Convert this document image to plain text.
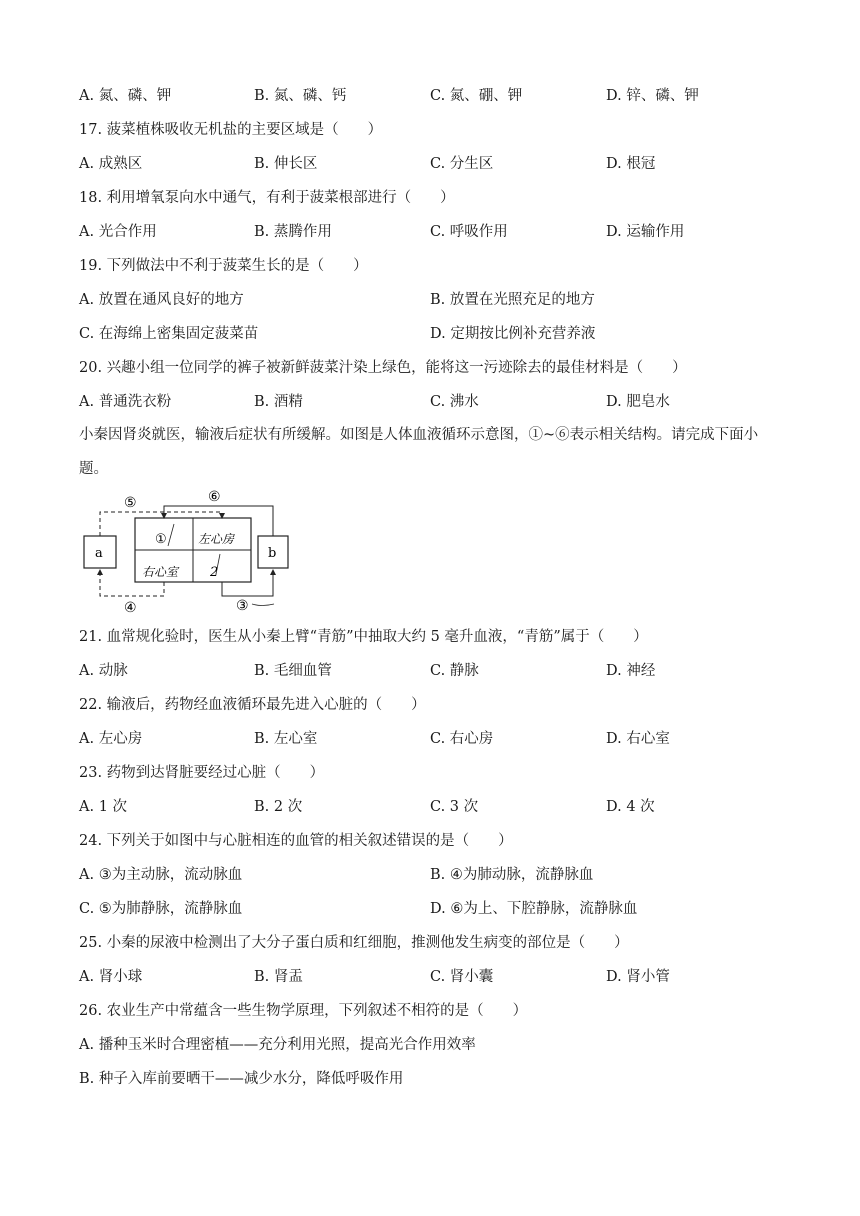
A. 氮、磷、钾	B. 氮、磷、钙	C. 氮、硼、钾	D. 锌、磷、钾
17. 菠菜植株吸收无机盐的主要区域是（　　）
A. 成熟区	B. 伸长区	C. 分生区	D. 根冠
18. 利用增氧泵向水中通气，有利于菠菜根部进行（　　）
A. 光合作用	B. 蒸腾作用	C. 呼吸作用	D. 运输作用
19. 下列做法中不利于菠菜生长的是（　　）
A. 放置在通风良好的地方	B. 放置在光照充足的地方
C. 在海绵上密集固定菠菜苗	D. 定期按比例补充营养液
20. 兴趣小组一位同学的裤子被新鲜菠菜汁染上绿色，能将这一污迹除去的最佳材料是（　　）
A. 普通洗衣粉	B. 酒精	C. 沸水	D. 肥皂水
小秦因肾炎就医，输液后症状有所缓解。如图是人体血液循环示意图，①~⑥表示相关结构。请完成下面小题。
①	左心房
右心室 2
a	b
⑤	⑥
④	③
21. 血常规化验时，医生从小秦上臂“青筋”中抽取大约 5 毫升血液，“青筋”属于（　　）
A. 动脉	B. 毛细血管	C. 静脉	D. 神经
22. 输液后，药物经血液循环最先进入心脏的（　　）
A. 左心房	B. 左心室	C. 右心房	D. 右心室
23. 药物到达肾脏要经过心脏（　　）
A. 1 次	B. 2 次	C. 3 次	D. 4 次
24. 下列关于如图中与心脏相连的血管的相关叙述错误的是（　　）
A. ③为主动脉，流动脉血	B. ④为肺动脉，流静脉血
C. ⑤为肺静脉，流静脉血	D. ⑥为上、下腔静脉，流静脉血
25. 小秦的尿液中检测出了大分子蛋白质和红细胞，推测他发生病变的部位是（　　）
A. 肾小球	B. 肾盂	C. 肾小囊	D. 肾小管
26. 农业生产中常蕴含一些生物学原理，下列叙述不相符的是（　　）
A. 播种玉米时合理密植——充分利用光照，提高光合作用效率
B. 种子入库前要晒干——减少水分，降低呼吸作用
